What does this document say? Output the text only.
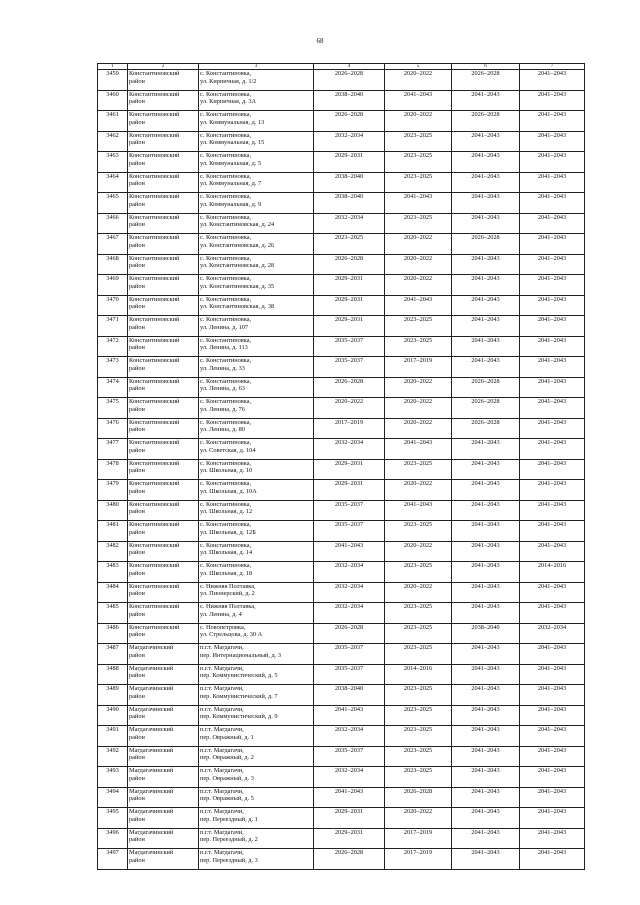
68
1	2	3	4	5	6	7

3459	Константиновский
район	с. Константиновка,
ул. Кирпичная, д. 1/2	2026–2028	2020–2022	2026–2028	2041–2043

3460	Константиновский
район	с. Константиновка,
ул. Кирпичная, д. 3А	2038–2040	2041–2043	2041–2043	2041–2043

3461	Константиновский
район	с. Константиновка,
ул. Коммунальная, д. 13	2026–2028	2020–2022	2026–2028	2041–2043

3462	Константиновский
район	с. Константиновка,
ул. Коммунальная, д. 15	2032–2034	2023–2025	2041–2043	2041–2043

3463	Константиновский
район	с. Константиновка,
ул. Коммунальная, д. 5	2029–2031	2023–2025	2041–2043	2041–2043

3464	Константиновский
район	с. Константиновка,
ул. Коммунальная, д. 7	2038–2040	2023–2025	2041–2043	2041–2043

3465	Константиновский
район	с. Константиновка,
ул. Коммунальная, д. 9	2038–2040	2041–2043	2041–2043	2041–2043

3466	Константиновский
район	с. Константиновка,
ул. Константиновская, д. 24	2032–2034	2023–2025	2041–2043	2041–2043

3467	Константиновский
район	с. Константиновка,
ул. Константиновская, д. 26	2023–2025	2020–2022	2026–2028	2041–2043

3468	Константиновский
район	с. Константиновка,
ул. Константиновская, д. 28	2026–2028	2020–2022	2041–2043	2041–2043

3469	Константиновский
район	с. Константиновка,
ул. Константиновская, д. 35	2029–2031	2020–2022	2041–2043	2041–2043

3470	Константиновский
район	с. Константиновка,
ул. Константиновская, д. 38	2029–2031	2041–2043	2041–2043	2041–2043

3471	Константиновский
район	с. Константиновка,
ул. Ленина, д. 107	2029–2031	2023–2025	2041–2043	2041–2043

3472	Константиновский
район	с. Константиновка,
ул. Ленина, д. 113	2035–2037	2023–2025	2041–2043	2041–2043

3473	Константиновский
район	с. Константиновка,
ул. Ленина, д. 33	2035–2037	2017–2019	2041–2043	2041–2043

3474	Константиновский
район	с. Константиновка,
ул. Ленина, д. 63	2026–2028	2020–2022	2026–2028	2041–2043

3475	Константиновский
район	с. Константиновка,
ул. Ленина, д. 76	2020–2022	2020–2022	2026–2028	2041–2043

3476	Константиновский
район	с. Константиновка,
ул. Ленина, д. 80	2017–2019	2020–2022	2026–2028	2041–2043

3477	Константиновский
район	с. Константиновка,
ул. Советская, д. 104	2032–2034	2041–2043	2041–2043	2041–2043

3478	Константиновский
район	с. Константиновка,
ул. Школьная, д. 10	2029–2031	2023–2025	2041–2043	2041–2043

3479	Константиновский
район	с. Константиновка,
ул. Школьная, д. 10А	2029–2031	2020–2022	2041–2043	2041–2043

3480	Константиновский
район	с. Константиновка,
ул. Школьная, д. 12	2035–2037	2041–2043	2041–2043	2041–2043

3481	Константиновский
район	с. Константиновка,
ул. Школьная, д. 12Б	2035–2037	2023–2025	2041–2043	2041–2043

3482	Константиновский
район	с. Константиновка,
ул. Школьная, д. 14	2041–2043	2020–2022	2041–2043	2041–2043

3483	Константиновский
район	с. Константиновка,
ул. Школьная, д. 18	2032–2034	2023–2025	2041–2043	2014–2016

3484	Константиновский
район	с. Нижняя Полтавка,
ул. Пионерский, д. 2	2032–2034	2020–2022	2041–2043	2041–2043

3485	Константиновский
район	с. Нижняя Полтавка,
ул. Ленина, д. 4	2032–2034	2023–2025	2041–2043	2041–2043

3486	Константиновский
район	с. Новопетровка,
ул. Стрельцова, д. 30 А	2026–2028	2023–2025	2038–2040	2032–2034

3487	Магдагачинский
район	п.г.т. Магдагачи,
пер. Интернациональный, д. 3	2035–2037	2023–2025	2041–2043	2041–2043

3488	Магдагачинский
район	п.г.т. Магдагачи,
пер. Коммунистический, д. 5	2035–2037	2014–2016	2041–2043	2041–2043

3489	Магдагачинский
район	п.г.т. Магдагачи,
пер. Коммунистический, д. 7	2038–2040	2023–2025	2041–2043	2041–2043

3490	Магдагачинский
район	п.г.т. Магдагачи,
пер. Коммунистический, д. 9	2041–2043	2023–2025	2041–2043	2041–2043

3491	Магдагачинский
район	п.г.т. Магдагачи,
пер. Овражный, д. 1	2032–2034	2023–2025	2041–2043	2041–2043

3492	Магдагачинский
район	п.г.т. Магдагачи,
пер. Овражный, д. 2	2035–2037	2023–2025	2041–2043	2041–2043

3493	Магдагачинский
район	п.г.т. Магдагачи,
пер. Овражный, д. 3	2032–2034	2023–2025	2041–2043	2041–2043

3494	Магдагачинский
район	п.г.т. Магдагачи,
пер. Овражный, д. 5	2041–2043	2026–2028	2041–2043	2041–2043

3495	Магдагачинский
район	п.г.т. Магдагачи,
пер. Переездный, д. 1	2029–2031	2020–2022	2041–2043	2041–2043

3496	Магдагачинский
район	п.г.т. Магдагачи,
пер. Переездный, д. 2	2029–2031	2017–2019	2041–2043	2041–2043

3497	Магдагачинский
район	п.г.т. Магдагачи,
пер. Переездный, д. 3	2026–2028	2017–2019	2041–2043	2041–2043
